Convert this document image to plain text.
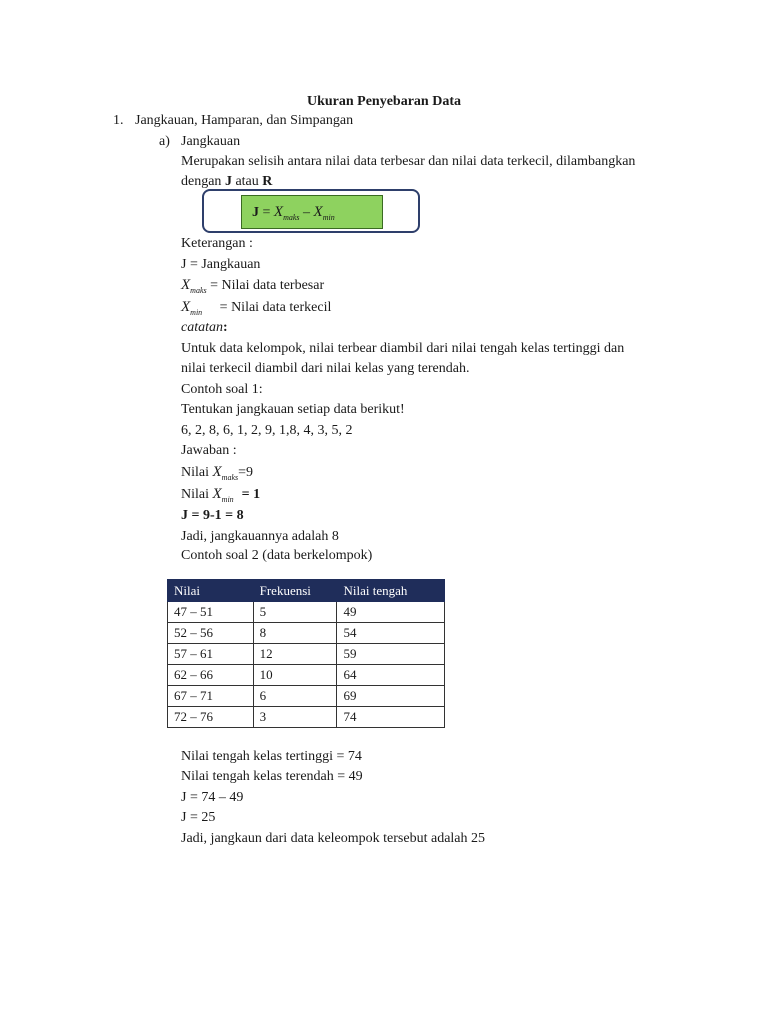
Ukuran Penyebaran Data
1. Jangkauan, Hamparan, dan Simpangan
a) Jangkauan
Merupakan selisih antara nilai data terbesar dan nilai data terkecil, dilambangkan
dengan J atau R
$J = X_{maks} - X_{min}$
Keterangan :
J = Jangkauan
$X_{maks}$ = Nilai data terbesar
$X_{min}$ = Nilai data terkecil
catatan:
Untuk data kelompok, nilai terbear diambil dari nilai tengah kelas tertinggi dan
nilai terkecil diambil dari nilai kelas yang terendah.
Contoh soal 1:
Tentukan jangkauan setiap data berikut!
6, 2, 8, 6, 1, 2, 9, 1,8, 4, 3, 5, 2
Jawaban :
Nilai $X_{maks}=9$
Nilai $X_{min} = 1$
J = 9-1 = 8
Jadi, jangkauannya adalah 8
Contoh soal 2 (data berkelompok)
Nilai	Frekuensi	Nilai tengah
47 – 51	5	49
52 – 56	8	54
57 – 61	12	59
62 – 66	10	64
67 – 71	6	69
72 – 76	3	74
Nilai tengah kelas tertinggi = 74
Nilai tengah kelas terendah = 49
J = 74 – 49
J = 25
Jadi, jangkaun dari data keleompok tersebut adalah 25
